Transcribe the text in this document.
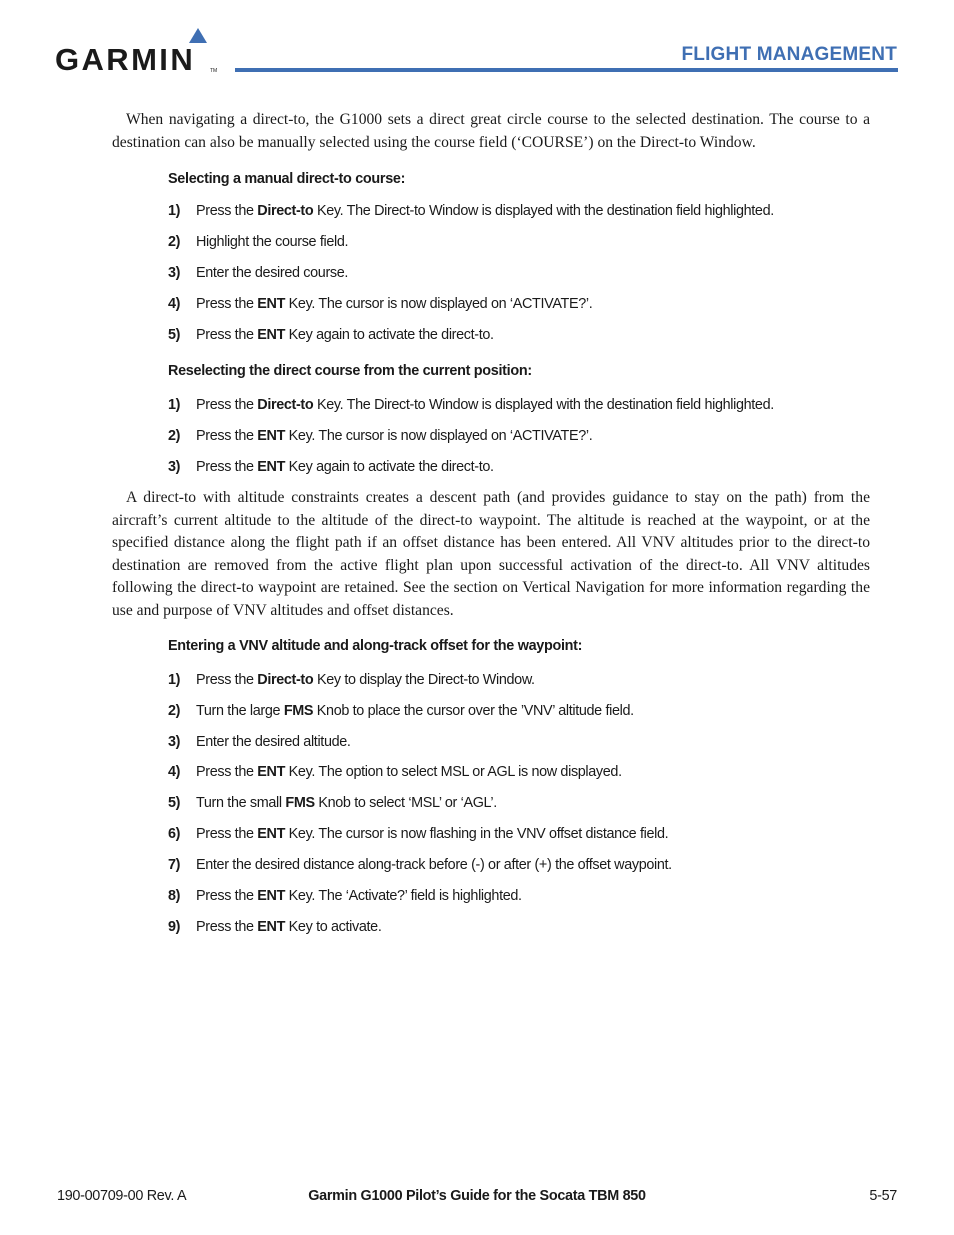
GARMIN	TM
FLIGHT MANAGEMENT

When navigating a direct-to, the G1000 sets a direct great circle course to the selected destination. The course to a destination can also be manually selected using the course field (‘COURSE’) on the Direct-to Window.

Selecting a manual direct-to course:
1) Press the Direct-to Key. The Direct-to Window is displayed with the destination field highlighted.
2) Highlight the course field.
3) Enter the desired course.
4) Press the ENT Key. The cursor is now displayed on ‘ACTIVATE?’.
5) Press the ENT Key again to activate the direct-to.
Reselecting the direct course from the current position:
1) Press the Direct-to Key. The Direct-to Window is displayed with the destination field highlighted.
2) Press the ENT Key. The cursor is now displayed on ‘ACTIVATE?’.
3) Press the ENT Key again to activate the direct-to.

A direct-to with altitude constraints creates a descent path (and provides guidance to stay on the path) from the aircraft’s current altitude to the altitude of the direct-to waypoint. The altitude is reached at the waypoint, or at the specified distance along the flight path if an offset distance has been entered. All VNV altitudes prior to the direct-to destination are removed from the active flight plan upon successful activation of the direct-to. All VNV altitudes following the direct-to waypoint are retained. See the section on Vertical Navigation for more information regarding the use and purpose of VNV altitudes and offset distances.

Entering a VNV altitude and along-track offset for the waypoint:
1) Press the Direct-to Key to display the Direct-to Window.
2) Turn the large FMS Knob to place the cursor over the ’VNV’ altitude field.
3) Enter the desired altitude.
4) Press the ENT Key. The option to select MSL or AGL is now displayed.
5) Turn the small FMS Knob to select ‘MSL’ or ‘AGL’.
6) Press the ENT Key. The cursor is now flashing in the VNV offset distance field.
7) Enter the desired distance along-track before (-) or after (+) the offset waypoint.
8) Press the ENT Key. The ‘Activate?’ field is highlighted.
9) Press the ENT Key to activate.
190-00709-00 Rev. A	Garmin G1000 Pilot’s Guide for the Socata TBM 850	5-57
